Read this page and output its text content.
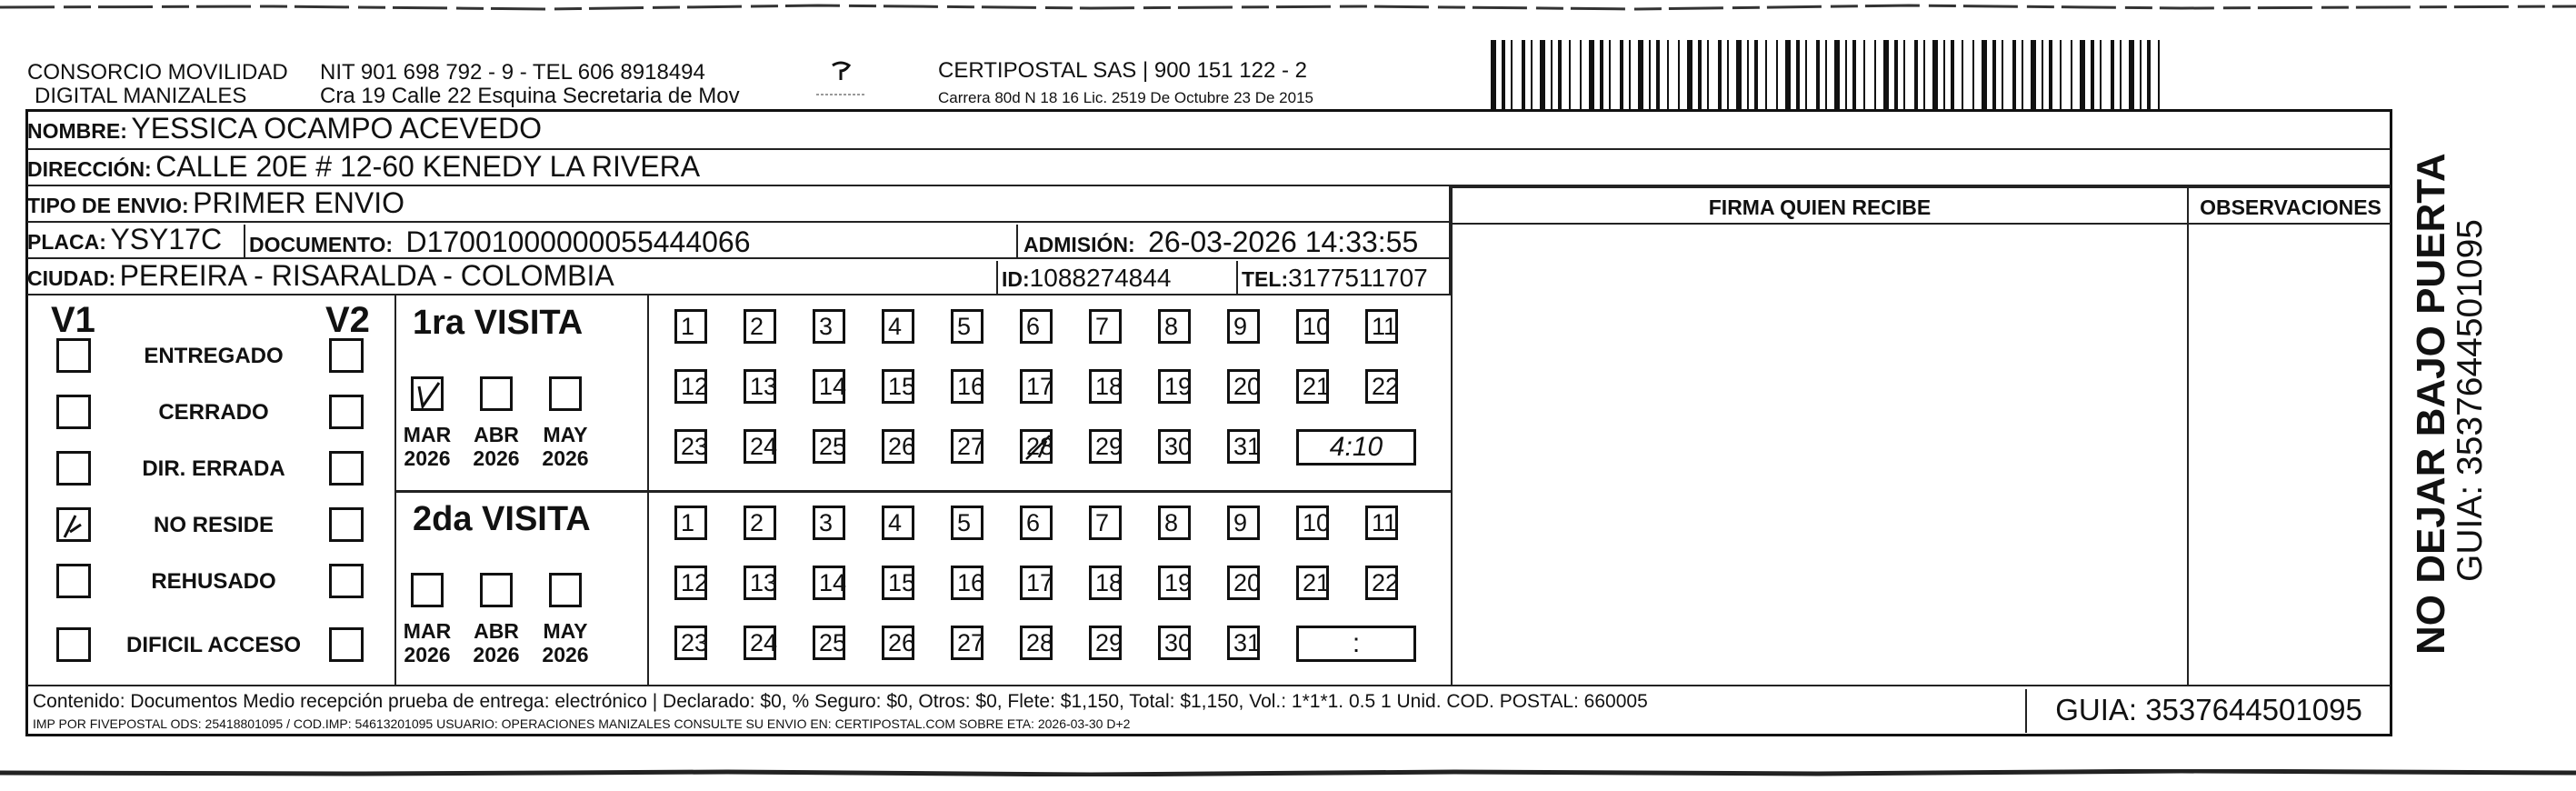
CONSORCIO MOVILIDAD
DIGITAL MANIZALES
NIT 901 698 792 - 9 - TEL 606 8918494
Cra 19 Calle 22 Esquina Secretaria de Mov
CERTIPOSTAL SAS | 900 151 122 - 2
Carrera 80d N 18 16 Lic. 2519 De Octubre 23 De 2015
NOMBRE: YESSICA OCAMPO ACEVEDO
DIRECCIÓN: CALLE 20E # 12-60 KENEDY LA RIVERA
TIPO DE ENVIO: PRIMER ENVIO
PLACA: YSY17C	DOCUMENTO: D17001000000055444066	ADMISIÓN: 26-03-2026 14:33:55
CIUDAD: PEREIRA - RISARALDA - COLOMBIA	ID:1088274844	TEL:3177511707
FIRMA QUIEN RECIBE	OBSERVACIONES
V1	V2
ENTREGADO
CERRADO
DIR. ERRADA
NO RESIDE
REHUSADO
DIFICIL ACCESO
1ra VISITA
MAR
2026
ABR
2026
MAY
2026
1	2	3	4	5	6	7	8	9	10 11
12 13 14 15 16 17 18 19 20 21 22
23 24 25 26 27 28 29 30 31	4:10
2da VISITA
MAR
2026
ABR
2026
MAY
2026
1	2	3	4	5	6	7	8	9	10 11
12 13 14 15 16 17 18 19 20 21 22
23 24 25 26 27 28 29 30 31	:
Contenido: Documentos Medio recepción prueba de entrega: electrónico | Declarado: $0, % Seguro: $0, Otros: $0, Flete: $1,150, Total: $1,150, Vol.: 1*1*1. 0.5 1 Unid. COD. POSTAL: 660005
IMP POR FIVEPOSTAL ODS: 25418801095 / COD.IMP: 54613201095 USUARIO: OPERACIONES MANIZALES CONSULTE SU ENVIO EN: CERTIPOSTAL.COM SOBRE ETA: 2026-03-30 D+2	GUIA: 3537644501095
NO DEJAR BAJO PUERTA
GUIA: 3537644501095
